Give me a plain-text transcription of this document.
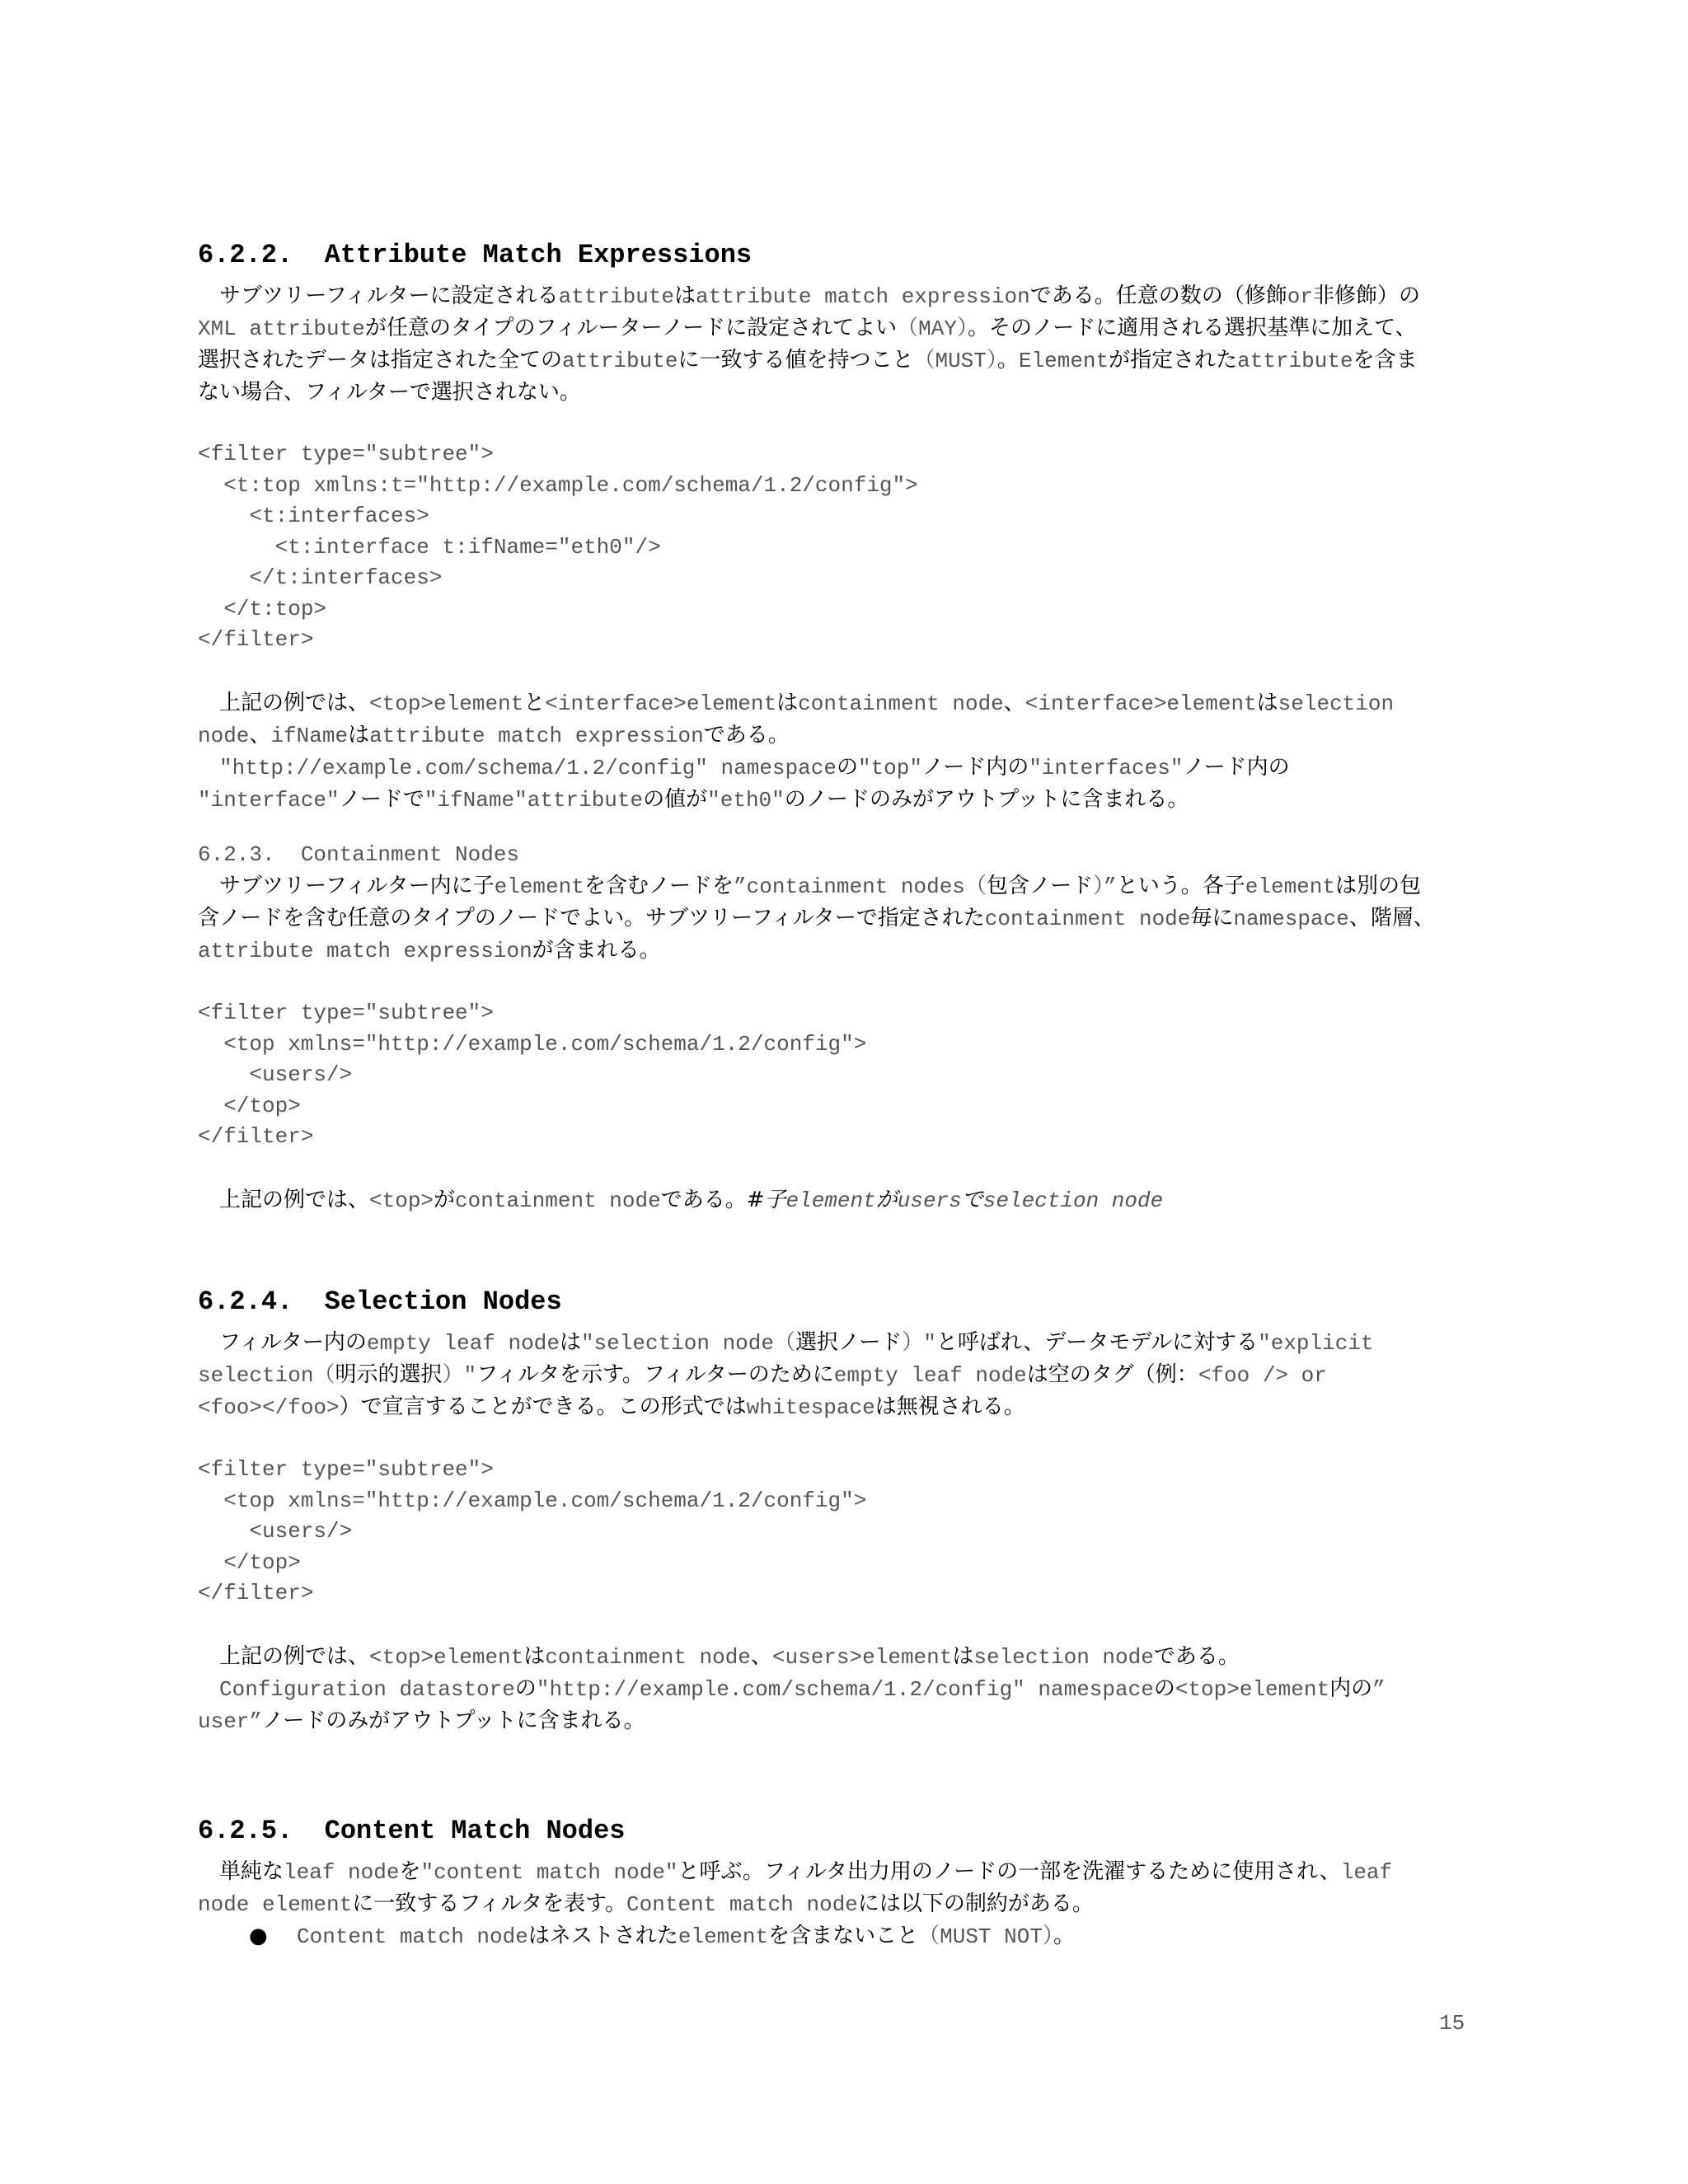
6.2.2.  Attribute Match Expressions

　サブツリーフィルターに設定されるattributeはattribute match expressionである。任意の数の（修飾or非修飾）の
XML attributeが任意のタイプのフィルーターノードに設定されてよい（MAY）。そのノードに適用される選択基準に加えて、
選択されたデータは指定された全てのattributeに一致する値を持つこと（MUST）。Elementが指定されたattributeを含ま
ない場合、フィルターで選択されない。

<filter type="subtree">
<t:top xmlns:t="http://example.com/schema/1.2/config">
<t:interfaces>
<t:interface t:ifName="eth0"/>
</t:interfaces>
</t:top>
</filter>

　上記の例では、<top>elementと<interface>elementはcontainment node、<interface>elementはselection
node、ifNameはattribute match expressionである。
　"http://example.com/schema/1.2/config" namespaceの"top"ノード内の"interfaces"ノード内の
"interface"ノードで"ifName"attributeの値が"eth0"のノードのみがアウトプットに含まれる。

6.2.3.  Containment Nodes

　サブツリーフィルター内に子elementを含むノードを”containment nodes（包含ノード）”という。各子elementは別の包
含ノードを含む任意のタイプのノードでよい。サブツリーフィルターで指定されたcontainment node毎にnamespace、階層、
attribute match expressionが含まれる。

<filter type="subtree">
<top xmlns="http://example.com/schema/1.2/config">
<users/>
</top>
</filter>

　上記の例では、<top>がcontainment nodeである。#子elementがusersでselection node

6.2.4.  Selection Nodes

　フィルター内のempty leaf nodeは"selection node（選択ノード）"と呼ばれ、データモデルに対する"explicit
selection（明示的選択）"フィルタを示す。フィルターのためにempty leaf nodeは空のタグ（例：<foo /> or
<foo></foo>）で宣言することができる。この形式ではwhitespaceは無視される。

<filter type="subtree">
<top xmlns="http://example.com/schema/1.2/config">
<users/>
</top>
</filter>

　上記の例では、<top>elementはcontainment node、<users>elementはselection nodeである。
　Configuration datastoreの"http://example.com/schema/1.2/config" namespaceの<top>element内の”
user”ノードのみがアウトプットに含まれる。

6.2.5.  Content Match Nodes

　単純なleaf nodeを"content match node"と呼ぶ。フィルタ出力用のノードの一部を洗濯するために使用され、leaf
node elementに一致するフィルタを表す。Content match nodeには以下の制約がある。

● Content match nodeはネストされたelementを含まないこと（MUST NOT）。
15
